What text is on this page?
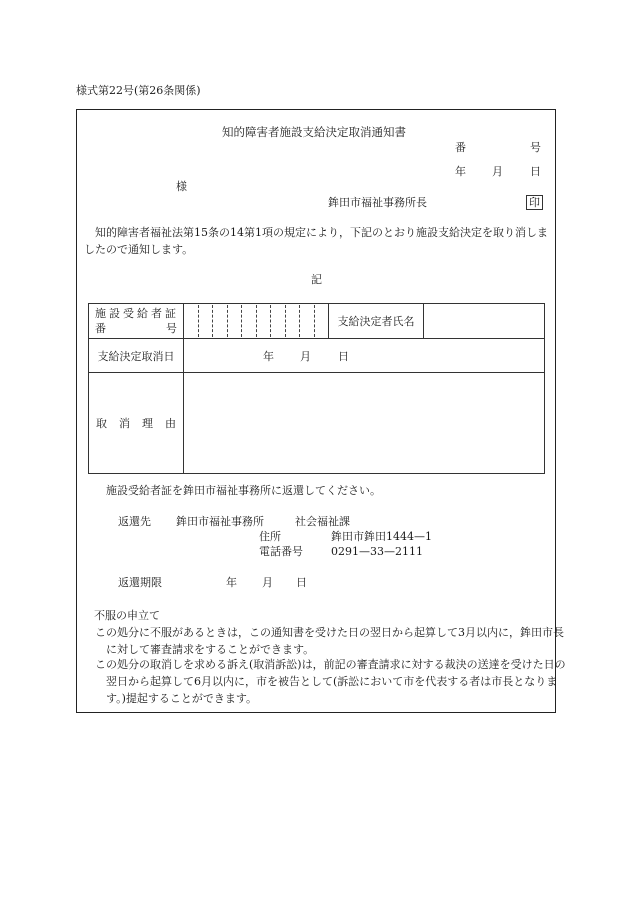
様式第22号(第26条関係)
知的障害者施設支給決定取消通知書
番	号
年 月 日
様
鉾田市福祉事務所長	印
知的障害者福祉法第15条の14第1項の規定により，下記のとおり施設支給決定を取り消しましたので通知します。
記
施設受給者証
番 号		支給決定者氏名	
支給決定取消日	年 月 日		

取 消 理 由			

施設受給者証を鉾田市福祉事務所に返還してください。
返還先 鉾田市福祉事務所	社会福祉課
住所	鉾田市鉾田1444—1
電話番号	0291—33—2111
返還期限	年 月 日
不服の申立て
この処分に不服があるときは，この通知書を受けた日の翌日から起算して3月以内に，鉾田市長に対して審査請求をすることができます。
この処分の取消しを求める訴え(取消訴訟)は，前記の審査請求に対する裁決の送達を受けた日の翌日から起算して6月以内に，市を被告として(訴訟において市を代表する者は市長となります。)提起することができます。
